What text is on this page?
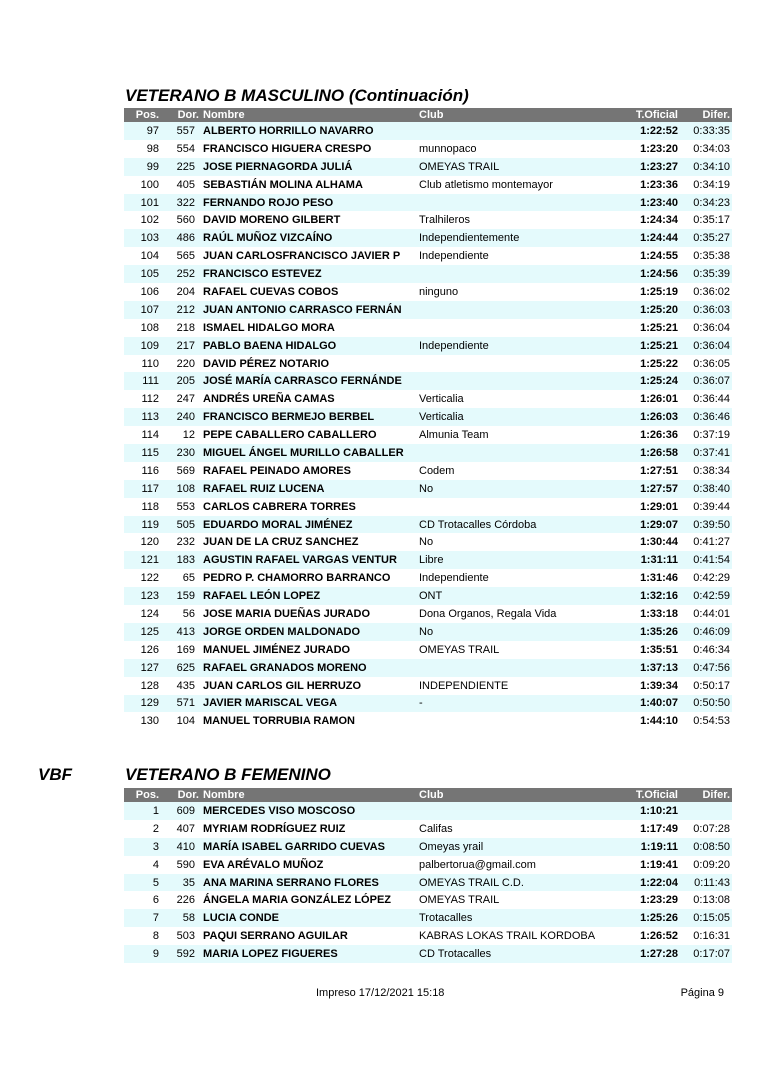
VETERANO B MASCULINO (Continuación)
Pos.	Dor.	Nombre	Club	T.Oficial	Difer.
97	557	ALBERTO HORRILLO NAVARRO		1:22:52	0:33:35
98	554	FRANCISCO HIGUERA CRESPO	munnopaco	1:23:20	0:34:03
99	225	JOSE PIERNAGORDA JULIÁ	OMEYAS TRAIL	1:23:27	0:34:10
100	405	SEBASTIÁN MOLINA ALHAMA	Club atletismo montemayor	1:23:36	0:34:19
101	322	FERNANDO ROJO PESO		1:23:40	0:34:23
102	560	DAVID MORENO GILBERT	Tralhileros	1:24:34	0:35:17
103	486	RAÚL MUÑOZ VIZCAÍNO	Independientemente	1:24:44	0:35:27
104	565	JUAN CARLOSFRANCISCO JAVIER P	Independiente	1:24:55	0:35:38
105	252	FRANCISCO ESTEVEZ		1:24:56	0:35:39
106	204	RAFAEL CUEVAS COBOS	ninguno	1:25:19	0:36:02
107	212	JUAN ANTONIO CARRASCO FERNÁN		1:25:20	0:36:03
108	218	ISMAEL HIDALGO MORA		1:25:21	0:36:04
109	217	PABLO BAENA HIDALGO	Independiente	1:25:21	0:36:04
110	220	DAVID PÉREZ NOTARIO		1:25:22	0:36:05
111	205	JOSÉ MARÍA CARRASCO FERNÁNDE		1:25:24	0:36:07
112	247	ANDRÉS UREÑA CAMAS	Verticalia	1:26:01	0:36:44
113	240	FRANCISCO BERMEJO BERBEL	Verticalia	1:26:03	0:36:46
114	12	PEPE CABALLERO CABALLERO	Almunia Team	1:26:36	0:37:19
115	230	MIGUEL ÁNGEL MURILLO CABALLER		1:26:58	0:37:41
116	569	RAFAEL PEINADO AMORES	Codem	1:27:51	0:38:34
117	108	RAFAEL RUIZ LUCENA	No	1:27:57	0:38:40
118	553	CARLOS CABRERA TORRES		1:29:01	0:39:44
119	505	EDUARDO MORAL JIMÉNEZ	CD Trotacalles Córdoba	1:29:07	0:39:50
120	232	JUAN DE LA CRUZ SANCHEZ	No	1:30:44	0:41:27
121	183	AGUSTIN RAFAEL VARGAS VENTUR	Libre	1:31:11	0:41:54
122	65	PEDRO P. CHAMORRO BARRANCO	Independiente	1:31:46	0:42:29
123	159	RAFAEL LEÓN LOPEZ	ONT	1:32:16	0:42:59
124	56	JOSE MARIA DUEÑAS JURADO	Dona Organos, Regala Vida	1:33:18	0:44:01
125	413	JORGE ORDEN MALDONADO	No	1:35:26	0:46:09
126	169	MANUEL JIMÉNEZ JURADO	OMEYAS TRAIL	1:35:51	0:46:34
127	625	RAFAEL GRANADOS MORENO		1:37:13	0:47:56
128	435	JUAN CARLOS GIL HERRUZO	INDEPENDIENTE	1:39:34	0:50:17
129	571	JAVIER MARISCAL VEGA	-	1:40:07	0:50:50
130	104	MANUEL TORRUBIA RAMON		1:44:10	0:54:53
VBF	VETERANO B FEMENINO
Pos.	Dor.	Nombre	Club	T.Oficial	Difer.
1	609	MERCEDES VISO MOSCOSO		1:10:21	
2	407	MYRIAM RODRÍGUEZ RUIZ	Califas	1:17:49	0:07:28
3	410	MARÍA ISABEL GARRIDO CUEVAS	Omeyas yrail	1:19:11	0:08:50
4	590	EVA ARÉVALO MUÑOZ	palbertorua@gmail.com	1:19:41	0:09:20
5	35	ANA MARINA SERRANO FLORES	OMEYAS TRAIL C.D.	1:22:04	0:11:43
6	226	ÁNGELA MARIA GONZÁLEZ LÓPEZ	OMEYAS TRAIL	1:23:29	0:13:08
7	58	LUCIA CONDE	Trotacalles	1:25:26	0:15:05
8	503	PAQUI SERRANO AGUILAR	KABRAS LOKAS TRAIL KORDOBA	1:26:52	0:16:31
9	592	MARIA LOPEZ FIGUERES	CD Trotacalles	1:27:28	0:17:07
Impreso 17/12/2021 15:18	Página 9
